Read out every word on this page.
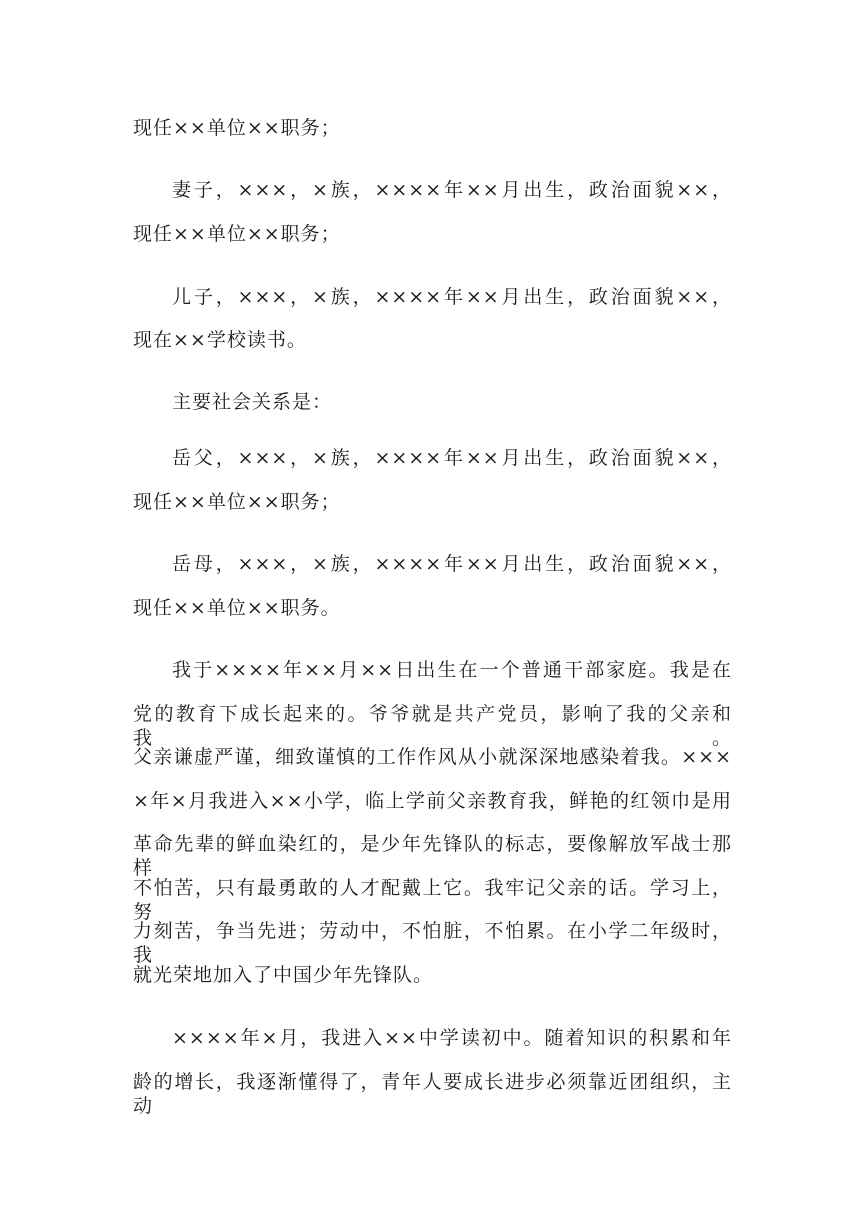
现任××单位××职务；
妻子，×××，×族，××××年××月出生，政治面貌××，
现任××单位××职务；
儿子，×××，×族，××××年××月出生，政治面貌××，
现在××学校读书。
主要社会关系是：
岳父，×××，×族，××××年××月出生，政治面貌××，
现任××单位××职务；
岳母，×××，×族，××××年××月出生，政治面貌××，
现任××单位××职务。
我于××××年××月××日出生在一个普通干部家庭。我是在
党的教育下成长起来的。爷爷就是共产党员，影响了我的父亲和我。
父亲谦虚严谨，细致谨慎的工作作风从小就深深地感染着我。×××
×年×月我进入××小学，临上学前父亲教育我，鲜艳的红领巾是用
革命先辈的鲜血染红的，是少年先锋队的标志，要像解放军战士那样
不怕苦，只有最勇敢的人才配戴上它。我牢记父亲的话。学习上，努
力刻苦，争当先进；劳动中，不怕脏，不怕累。在小学二年级时，我
就光荣地加入了中国少年先锋队。
××××年×月，我进入××中学读初中。随着知识的积累和年
龄的增长，我逐渐懂得了，青年人要成长进步必须靠近团组织，主动
